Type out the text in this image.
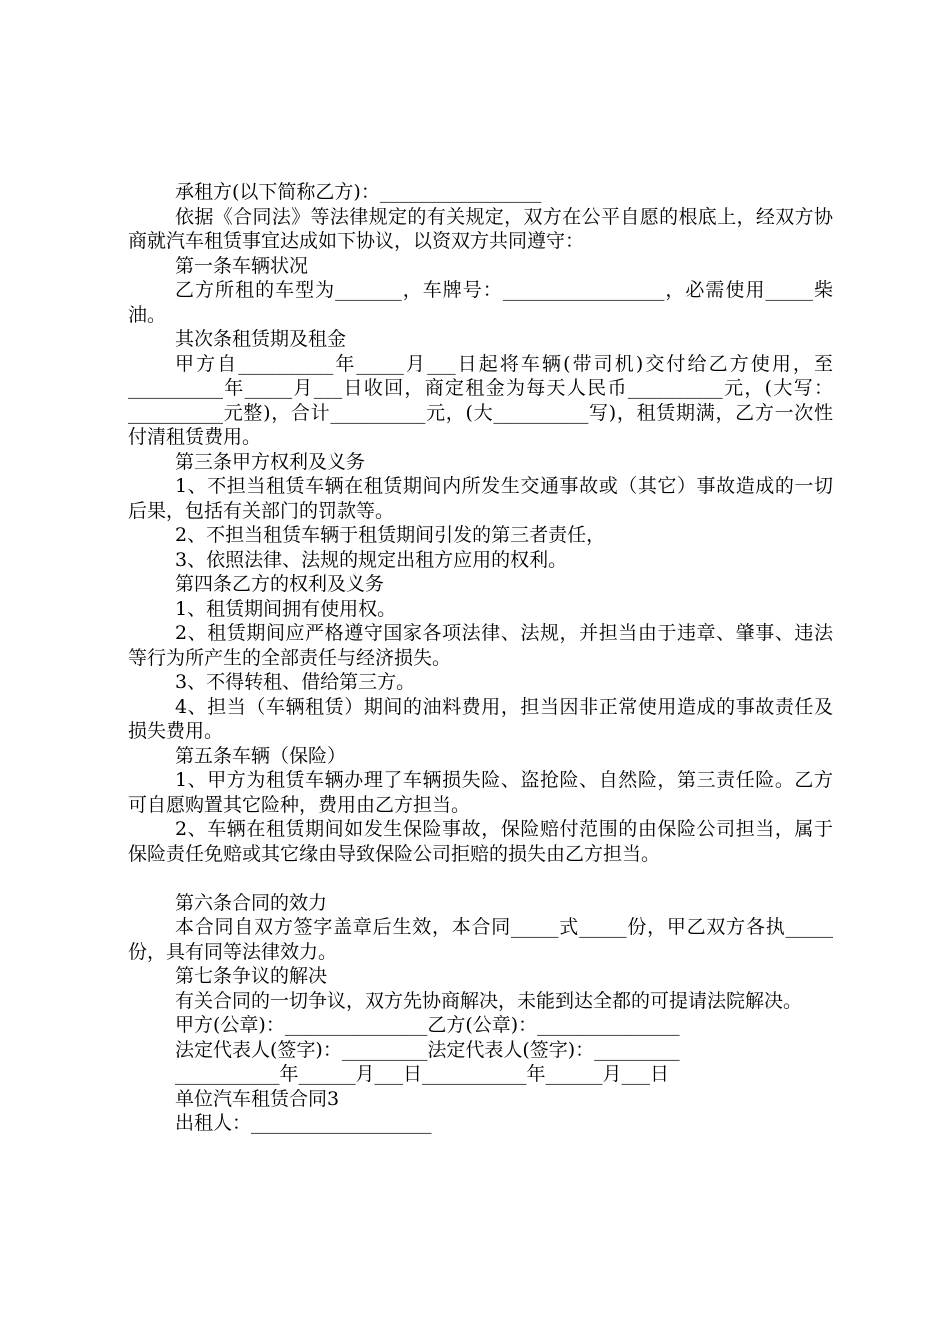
承租方(以下简称乙方)：_________________

依据《合同法》等法律规定的有关规定，双方在公平自愿的根底上，经双方协商就汽车租赁事宜达成如下协议，以资双方共同遵守：

第一条车辆状况

乙方所租的车型为_______，车牌号：_________________，必需使用_____柴油。

其次条租赁期及租金

甲方自__________年_____月___日起将车辆(带司机)交付给乙方使用，至__________年_____月___日收回，商定租金为每天人民币__________元，(大写：__________元整)，合计__________元，(大__________写)，租赁期满，乙方一次性付清租赁费用。

第三条甲方权利及义务

1、不担当租赁车辆在租赁期间内所发生交通事故或（其它）事故造成的一切后果，包括有关部门的罚款等。

2、不担当租赁车辆于租赁期间引发的第三者责任，

3、依照法律、法规的规定出租方应用的权利。

第四条乙方的权利及义务

1、租赁期间拥有使用权。

2、租赁期间应严格遵守国家各项法律、法规，并担当由于违章、肇事、违法等行为所产生的全部责任与经济损失。

3、不得转租、借给第三方。

4、担当（车辆租赁）期间的油料费用，担当因非正常使用造成的事故责任及损失费用。

第五条车辆（保险）

1、甲方为租赁车辆办理了车辆损失险、盗抢险、自然险，第三责任险。乙方可自愿购置其它险种，费用由乙方担当。

2、车辆在租赁期间如发生保险事故，保险赔付范围的由保险公司担当，属于保险责任免赔或其它缘由导致保险公司拒赔的损失由乙方担当。

第六条合同的效力

本合同自双方签字盖章后生效，本合同_____式_____份，甲乙双方各执_____份，具有同等法律效力。

第七条争议的解决

有关合同的一切争议，双方先协商解决，未能到达全都的可提请法院解决。

甲方(公章)：_______________乙方(公章)：_______________

法定代表人(签字)：_________法定代表人(签字)：_________

___________年______月___日___________年______月___日

单位汽车租赁合同3

出租人：___________________
